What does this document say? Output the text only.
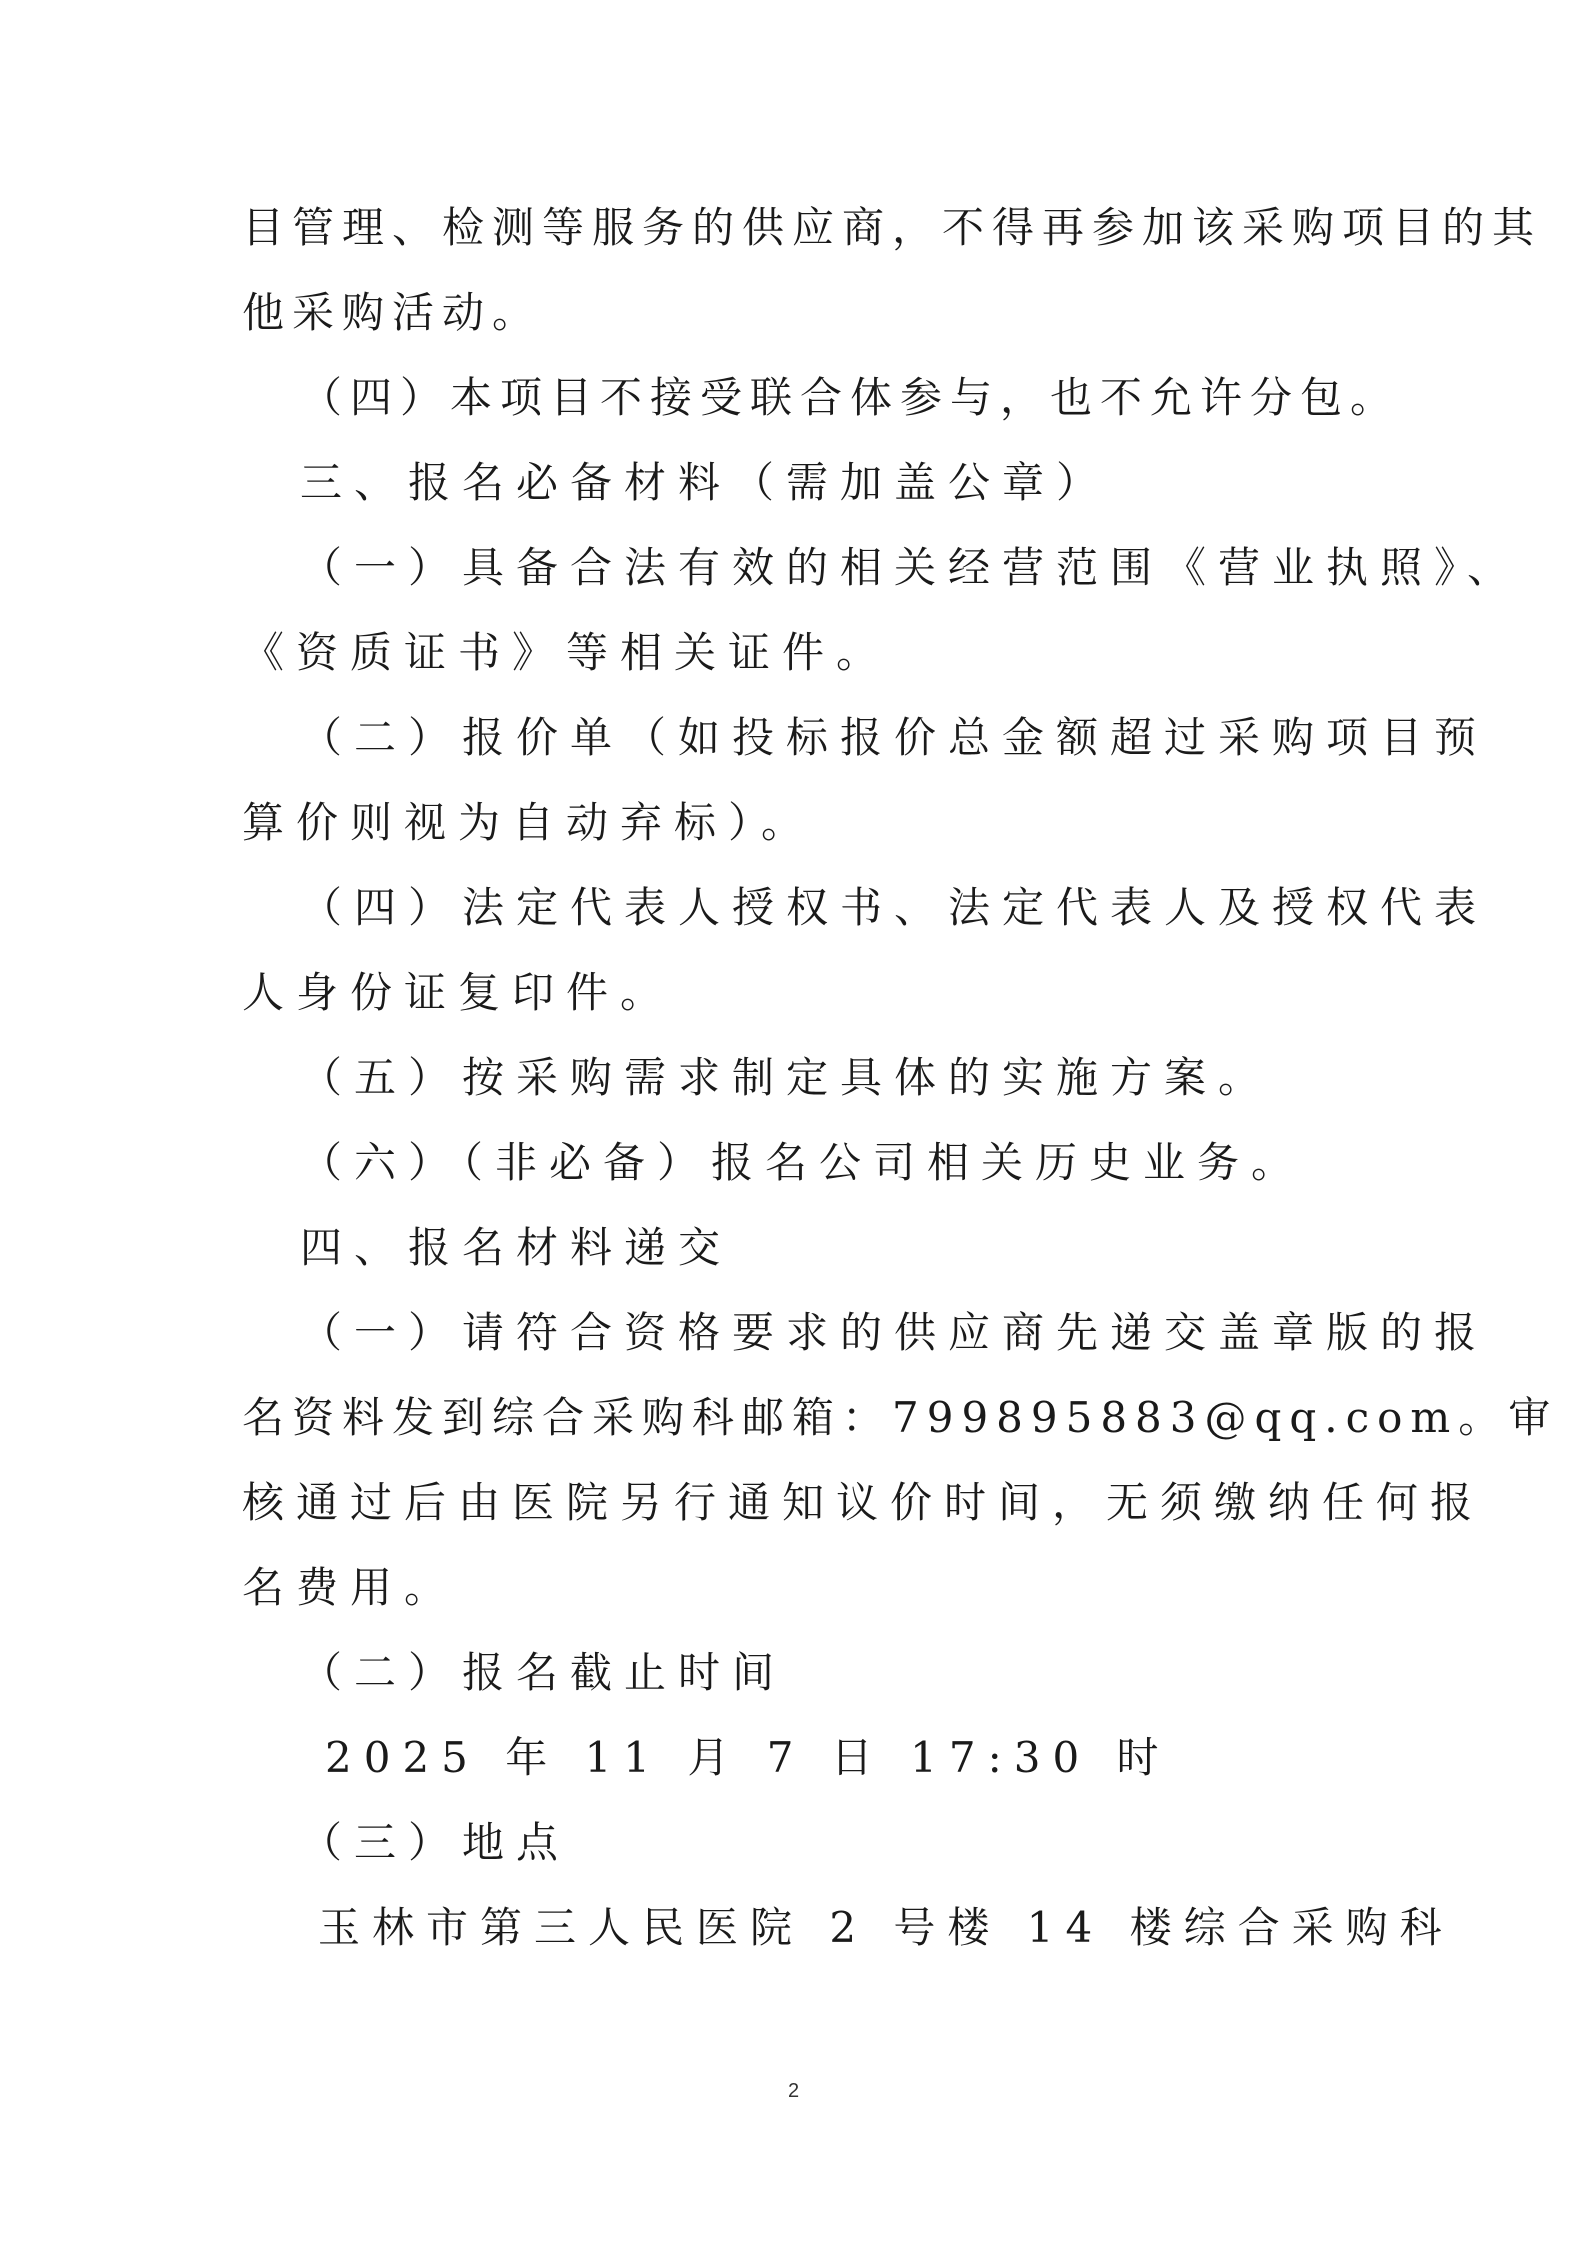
目管理、检测等服务的供应商，不得再参加该采购项目的其
他采购活动。
（四）本项目不接受联合体参与，也不允许分包。
三、报名必备材料（需加盖公章）
（一）具备合法有效的相关经营范围《营业执照》、
《资质证书》等相关证件。
（二）报价单（如投标报价总金额超过采购项目预
算价则视为自动弃标）。
（四）法定代表人授权书、法定代表人及授权代表
人身份证复印件。
（五）按采购需求制定具体的实施方案。
（六）（非必备）报名公司相关历史业务。
四、报名材料递交
（一）请符合资格要求的供应商先递交盖章版的报
名资料发到综合采购科邮箱：799895883@qq.com。审
核通过后由医院另行通知议价时间，无须缴纳任何报
名费用。
（二）报名截止时间
2025 年 11 月 7 日 17:30 时
（三）地点
玉林市第三人民医院 2 号楼 14 楼综合采购科
2
